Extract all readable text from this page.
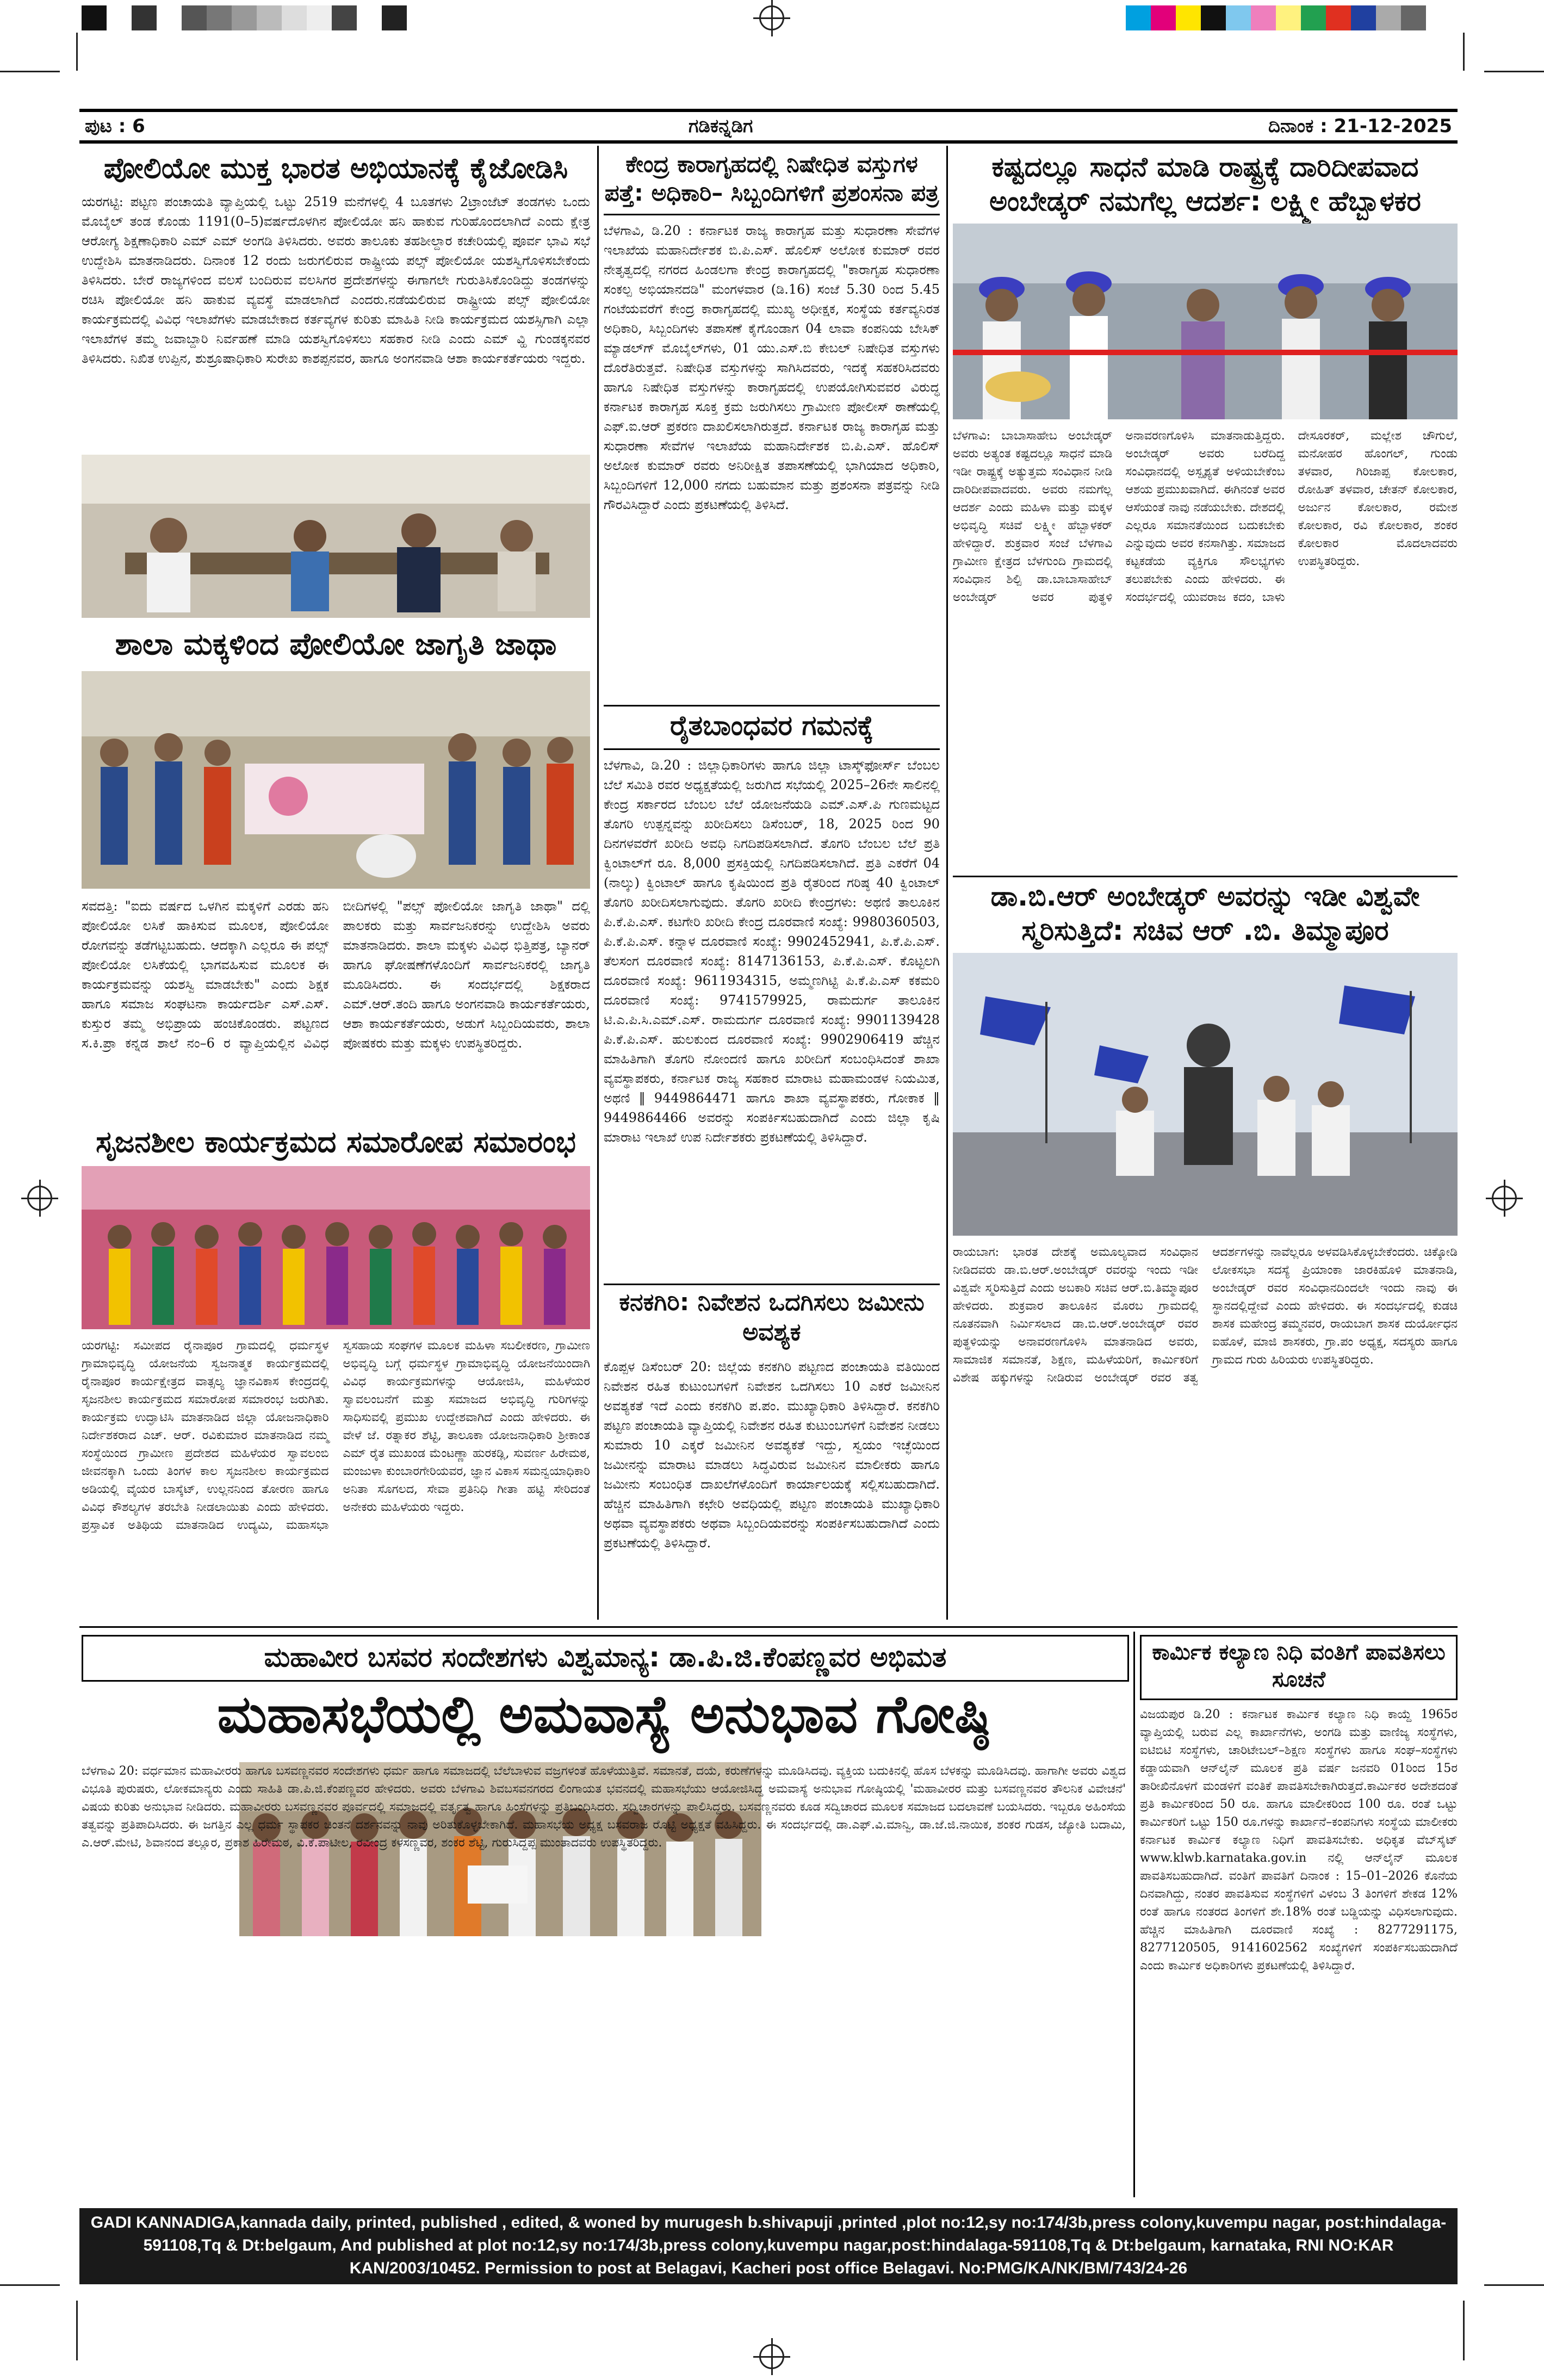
ಪುಟ : 6	ಗಡಿಕನ್ನಡಿಗ	ದಿನಾಂಕ : 21-12-2025
ಪೋಲಿಯೋ ಮುಕ್ತ ಭಾರತ ಅಭಿಯಾನಕ್ಕೆ ಕೈಜೋಡಿಸಿ
ಯರಗಟ್ಟಿ: ಪಟ್ಟಣ ಪಂಚಾಯತಿ ವ್ಯಾಪ್ತಿಯಲ್ಲಿ ಒಟ್ಟು 2519 ಮನೆಗಳಲ್ಲಿ 4 ಬೂತಗಳು 2ಟ್ರಾಂಜೆಟ್ ತಂಡಗಳು ಒಂದು ಮೊಬೈಲ್ ತಂಡ ಕೊಂಡು 1191(0–5)ವರ್ಷದೊಳಗಿನ ಪೋಲಿಯೋ ಹನಿ ಹಾಕುವ ಗುರಿಹೊಂದಲಾಗಿದೆ ಎಂದು ಕ್ಷೇತ್ರ ಆರೋಗ್ಯ ಶಿಕ್ಷಣಾಧಿಕಾರಿ ಎಮ್ ಎಮ್ ಅಂಗಡಿ ತಿಳಿಸಿದರು. ಅವರು ತಾಲೂಕು ತಹಶೀಲ್ದಾರ ಕಚೇರಿಯಲ್ಲಿ ಪೂರ್ವ ಭಾವಿ ಸಭೆ ಉದ್ದೇಶಿಸಿ ಮಾತನಾಡಿದರು. ದಿನಾಂಕ 12 ರಂದು ಜರುಗಲಿರುವ ರಾಷ್ಟ್ರೀಯ ಪಲ್ಸ್ ಪೋಲಿಯೋ ಯಶಸ್ವಿಗೊಳಿಸಬೇಕೆಂದು ತಿಳಿಸಿದರು. ಬೇರೆ ರಾಜ್ಯಗಳಿಂದ ವಲಸೆ ಬಂದಿರುವ ವಲಸಿಗರ ಪ್ರದೇಶಗಳನ್ನು ಈಗಾಗಲೇ ಗುರುತಿಸಿಕೊಂಡಿದ್ದು ತಂಡಗಳನ್ನು ರಚಿಸಿ ಪೋಲಿಯೋ ಹನಿ ಹಾಕುವ ವ್ಯವಸ್ಥೆ ಮಾಡಲಾಗಿದೆ ಎಂದರು.ನಡೆಯಲಿರುವ ರಾಷ್ಟ್ರೀಯ ಪಲ್ಸ್ ಪೋಲಿಯೋ ಕಾರ್ಯಕ್ರಮದಲ್ಲಿ ವಿವಿಧ ಇಲಾಖೆಗಳು ಮಾಡಬೇಕಾದ ಕರ್ತವ್ಯಗಳ ಕುರಿತು ಮಾಹಿತಿ ನೀಡಿ ಕಾರ್ಯಕ್ರಮದ ಯಶಸ್ಸಿಗಾಗಿ ಎಲ್ಲಾ ಇಲಾಖೆಗಳ ತಮ್ಮ ಜವಾಬ್ದಾರಿ ನಿರ್ವಹಣೆ ಮಾಡಿ ಯಶಸ್ವಿಗೊಳಿಸಲು ಸಹಕಾರ ನೀಡಿ ಎಂದು ಎಮ್ ವ್ಹಿ ಗುಂಡಕ್ಕನವರ ತಿಳಿಸಿದರು. ನಿಖಿತ ಉಪ್ಪಿನ, ಶುಶ್ರೂಷಾಧಿಕಾರಿ ಸುರೇಖ ಕಾಶಪ್ಪನವರ, ಹಾಗೂ ಅಂಗನವಾಡಿ ಆಶಾ ಕಾರ್ಯಕರ್ತೆಯರು ಇದ್ದರು.
ಶಾಲಾ ಮಕ್ಕಳಿಂದ ಪೋಲಿಯೋ ಜಾಗೃತಿ ಜಾಥಾ
ಸವದತ್ತಿ: "ಐದು ವರ್ಷದ ಒಳಗಿನ ಮಕ್ಕಳಿಗೆ ಎರಡು ಹನಿ ಪೋಲಿಯೋ ಲಸಿಕೆ ಹಾಕಿಸುವ ಮೂಲಕ, ಪೋಲಿಯೋ ರೋಗವನ್ನು ತಡೆಗಟ್ಟಬಹುದು. ಆದಕ್ಕಾಗಿ ಎಲ್ಲರೂ ಈ ಪಲ್ಸ್ ಪೋಲಿಯೋ ಲಸಿಕೆಯಲ್ಲಿ ಭಾಗವಹಿಸುವ ಮೂಲಕ ಈ ಕಾರ್ಯಕ್ರಮವನ್ನು ಯಶಸ್ವಿ ಮಾಡಬೇಕು" ಎಂದು ಶಿಕ್ಷಕ ಹಾಗೂ ಸಮಾಜ ಸಂಘಟನಾ ಕಾರ್ಯದರ್ಶಿ ಎಸ್.ಎಸ್. ಕುಸ್ತುರ ತಮ್ಮ ಅಭಿಪ್ರಾಯ ಹಂಚಿಕೊಂಡರು. ಪಟ್ಟಣದ ಸ.ಕಿ.ಪ್ರಾ ಕನ್ನಡ ಶಾಲೆ ನಂ–6 ರ ವ್ಯಾಪ್ತಿಯಲ್ಲಿನ ವಿವಿಧ ಬೀದಿಗಳಲ್ಲಿ "ಪಲ್ಸ್ ಪೋಲಿಯೋ ಜಾಗೃತಿ ಜಾಥಾ" ದಲ್ಲಿ ಪಾಲಕರು ಮತ್ತು ಸಾರ್ವಜನಿಕರನ್ನು ಉದ್ದೇಶಿಸಿ ಅವರು ಮಾತನಾಡಿದರು. ಶಾಲಾ ಮಕ್ಕಳು ವಿವಿಧ ಭಿತ್ತಿಪತ್ರ, ಬ್ಯಾನರ್ ಹಾಗೂ ಘೋಷಣೆಗಳೊಂದಿಗೆ ಸಾರ್ವಜನಿಕರಲ್ಲಿ ಜಾಗೃತಿ ಮೂಡಿಸಿದರು. ಈ ಸಂದರ್ಭದಲ್ಲಿ ಶಿಕ್ಷಕರಾದ ಎಮ್.ಆರ್.ತಂದಿ ಹಾಗೂ ಅಂಗನವಾಡಿ ಕಾರ್ಯಕರ್ತೆಯರು, ಆಶಾ ಕಾರ್ಯಕರ್ತೆಯರು, ಅಡುಗೆ ಸಿಬ್ಬಂದಿಯವರು, ಶಾಲಾ ಪೋಷಕರು ಮತ್ತು ಮಕ್ಕಳು ಉಪಸ್ಥಿತರಿದ್ದರು.
ಸೃಜನಶೀಲ ಕಾರ್ಯಕ್ರಮದ ಸಮಾರೋಪ ಸಮಾರಂಭ
ಯರಗಟ್ಟಿ: ಸಮೀಪದ ರೈನಾಪೂರ ಗ್ರಾಮದಲ್ಲಿ ಧರ್ಮಸ್ಥಳ ಗ್ರಾಮಾಭಿವೃದ್ಧಿ ಯೋಜನೆಯ ಸ್ವಜನಾತ್ಮಕ ಕಾರ್ಯಕ್ರಮದಲ್ಲಿ ರೈನಾಪೂರ ಕಾರ್ಯಕ್ಷೇತ್ರದ ವಾತ್ಸಲ್ಯ ಜ್ಞಾನವಿಕಾಸ ಕೇಂದ್ರದಲ್ಲಿ ಸೃಜನಶೀಲ ಕಾರ್ಯಕ್ರಮದ ಸಮಾರೋಪ ಸಮಾರಂಭ ಜರುಗಿತು. ಕಾರ್ಯಕ್ರಮ ಉದ್ಘಾಟಿಸಿ ಮಾತನಾಡಿದ ಜಿಲ್ಲಾ ಯೋಜನಾಧಿಕಾರಿ ನಿರ್ದೇಶಕರಾದ ಎಚ್. ಆರ್. ರವಿಕುಮಾರ ಮಾತನಾಡಿದ ನಮ್ಮ ಸಂಸ್ಥೆಯಿಂದ ಗ್ರಾಮೀಣ ಪ್ರದೇಶದ ಮಹಿಳೆಯರ ಸ್ವಾವಲಂಬಿ ಜೀವನಕ್ಕಾಗಿ ಒಂದು ತಿಂಗಳ ಕಾಲ ಸೃಜನಶೀಲ ಕಾರ್ಯಕ್ರಮದ ಅಡಿಯಲ್ಲಿ ವೈಯರ ಬಾಸ್ಕೆಟ್, ಉಲ್ಲನನಿಂದ ತೋರಣ ಹಾಗೂ ವಿವಿಧ ಕೌಶಲ್ಯಗಳ ತರಬೇತಿ ನೀಡಲಾಯಿತು ಎಂದು ಹೇಳಿದರು. ಪ್ರಸ್ತಾವಿಕ ಅತಿಥಿಯ ಮಾತನಾಡಿದ ಉದ್ಯಮಿ, ಮಹಾಸಭಾ ಸ್ವಸಹಾಯ ಸಂಘಗಳ ಮೂಲಕ ಮಹಿಳಾ ಸಬಲೀಕರಣ, ಗ್ರಾಮೀಣ ಅಭಿವೃದ್ಧಿ ಬಗ್ಗೆ ಧರ್ಮಸ್ಥಳ ಗ್ರಾಮಾಭಿವೃದ್ಧಿ ಯೋಜನೆಯಿಂದಾಗಿ ವಿವಿಧ ಕಾರ್ಯಕ್ರಮಗಳನ್ನು ಆಯೋಜಿಸಿ, ಮಹಿಳೆಯರ ಸ್ವಾವಲಂಬನೆಗೆ ಮತ್ತು ಸಮಾಜದ ಅಭಿವೃದ್ಧಿ ಗುರಿಗಳನ್ನು ಸಾಧಿಸುವಲ್ಲಿ ಪ್ರಮುಖ ಉದ್ದೇಶವಾಗಿದೆ ಎಂದು ಹೇಳಿದರು. ಈ ವೇಳೆ ಜೆ. ರತ್ನಾಕರ ಶೆಟ್ಟಿ, ತಾಲೂಕಾ ಯೋಜನಾಧಿಕಾರಿ ಶ್ರೀಕಾಂತ ಎಮ್ ರೈತ ಮುಖಂಡ ಮೆಂಟಣ್ಣಾ ಹುರಕಡ್ಲಿ, ಸುವರ್ಣ ಹಿರೇಮಠ, ಮಂಜುಳಾ ಕುಂಬಾರಗೇರಿಯವರ, ಜ್ಞಾನ ವಿಕಾಸ ಸಮನ್ವಯಾಧಿಕಾರಿ ಅನಿತಾ ಸೊಗಲದ, ಸೇವಾ ಪ್ರತಿನಿಧಿ ಗೀತಾ ಹಟ್ಟಿ ಸೇರಿದಂತೆ ಅನೇಕರು ಮಹಿಳೆಯರು ಇದ್ದರು.
ಕೇಂದ್ರ ಕಾರಾಗೃಹದಲ್ಲಿ ನಿಷೇಧಿತ ವಸ್ತುಗಳ ಪತ್ತೆ: ಅಧಿಕಾರಿ– ಸಿಬ್ಬಂದಿಗಳಿಗೆ ಪ್ರಶಂಸನಾ ಪತ್ರ
ಬೆಳಗಾವಿ, ಡಿ.20 : ಕರ್ನಾಟಕ ರಾಜ್ಯ ಕಾರಾಗೃಹ ಮತ್ತು ಸುಧಾರಣಾ ಸೇವೆಗಳ ಇಲಾಖೆಯ ಮಹಾನಿರ್ದೇಶಕ ಬಿ.ಪಿ.ಎಸ್. ಹೊಲಿಸ್ ಅಲೋಕ ಕುಮಾರ್ ರವರ ನೇತೃತ್ವದಲ್ಲಿ ನಗರದ ಹಿಂಡಲಗಾ ಕೇಂದ್ರ ಕಾರಾಗೃಹದಲ್ಲಿ "ಕಾರಾಗೃಹ ಸುಧಾರಣಾ ಸಂಕಲ್ಪ ಅಭಿಯಾನದಡಿ" ಮಂಗಳವಾರ (ಡಿ.16) ಸಂಜೆ 5.30 ರಿಂದ 5.45 ಗಂಟೆಯವರೆಗೆ ಕೇಂದ್ರ ಕಾರಾಗೃಹದಲ್ಲಿ ಮುಖ್ಯ ಅಧೀಕ್ಷಕ, ಸಂಸ್ಥೆಯ ಕರ್ತವ್ಯನಿರತ ಅಧಿಕಾರಿ, ಸಿಬ್ಬಂದಿಗಳು ತಪಾಸಣೆ ಕೈಗೊಂಡಾಗ 04 ಲಾವಾ ಕಂಪನಿಯ ಬೇಸಿಕ್ ಮ್ಯಾಡಲ್‌ಗ್ ಮೊಬೈಲ್‌ಗಳು, 01 ಯು.ಎಸ್.ಬಿ ಕೇಬಲ್ ನಿಷೇಧಿತ ವಸ್ತುಗಳು ದೊರೆತಿರುತ್ತವೆ. ನಿಷೇಧಿತ ವಸ್ತುಗಳನ್ನು ಸಾಗಿಸಿದವರು, ಇದಕ್ಕೆ ಸಹಕರಿಸಿದವರು ಹಾಗೂ ನಿಷೇಧಿತ ವಸ್ತುಗಳನ್ನು ಕಾರಾಗೃಹದಲ್ಲಿ ಉಪಯೋಗಿಸುವವರ ವಿರುದ್ಧ ಕರ್ನಾಟಕ ಕಾರಾಗೃಹ ಸೂಕ್ತ ಕ್ರಮ ಜರುಗಿಸಲು ಗ್ರಾಮೀಣ ಪೋಲೀಸ್ ಠಾಣೆಯಲ್ಲಿ ಎಫ್.ಐ.ಆರ್ ಪ್ರಕರಣ ದಾಖಲಿಸಲಾಗಿರುತ್ತದೆ. ಕರ್ನಾಟಕ ರಾಜ್ಯ ಕಾರಾಗೃಹ ಮತ್ತು ಸುಧಾರಣಾ ಸೇವೆಗಳ ಇಲಾಖೆಯ ಮಹಾನಿರ್ದೇಶಕ ಬಿ.ಪಿ.ಎಸ್. ಹೊಲಿಸ್ ಅಲೋಕ ಕುಮಾರ್ ರವರು ಅನಿರೀಕ್ಷಿತ ತಪಾಸಣೆಯಲ್ಲಿ ಭಾಗಿಯಾದ ಅಧಿಕಾರಿ, ಸಿಬ್ಬಂದಿಗಳಿಗೆ 12,000 ನಗದು ಬಹುಮಾನ ಮತ್ತು ಪ್ರಶಂಸನಾ ಪತ್ರವನ್ನು ನೀಡಿ ಗೌರವಿಸಿದ್ದಾರೆ ಎಂದು ಪ್ರಕಟಣೆಯಲ್ಲಿ ತಿಳಿಸಿದೆ.
ರೈತಬಾಂಧವರ ಗಮನಕ್ಕೆ
ಬೆಳಗಾವಿ, ಡಿ.20 : ಜಿಲ್ಲಾಧಿಕಾರಿಗಳು ಹಾಗೂ ಜಿಲ್ಲಾ ಟಾಸ್ಕ್‌ಫೋರ್ಸ್ ಬೆಂಬಲ ಬೆಲೆ ಸಮಿತಿ ರವರ ಅಧ್ಯಕ್ಷತೆಯಲ್ಲಿ ಜರುಗಿದ ಸಭೆಯಲ್ಲಿ 2025–26ನೇ ಸಾಲಿನಲ್ಲಿ ಕೇಂದ್ರ ಸರ್ಕಾರದ ಬೆಂಬಲ ಬೆಲೆ ಯೋಜನೆಯಡಿ ಎಮ್.ಎಸ್.ಪಿ ಗುಣಮಟ್ಟದ ತೊಗರಿ ಉತ್ಪನ್ನವನ್ನು ಖರೀದಿಸಲು ಡಿಸೆಂಬರ್, 18, 2025 ರಿಂದ 90 ದಿನಗಳವರೆಗೆ ಖರೀದಿ ಅವಧಿ ನಿಗದಿಪಡಿಸಲಾಗಿದೆ. ತೊಗರಿ ಬೆಂಬಲ ಬೆಲೆ ಪ್ರತಿ ಕ್ವಿಂಟಾಲ್‌ಗೆ ರೂ. 8,000 ಪ್ರಸಕ್ತಿಯಲ್ಲಿ ನಿಗದಿಪಡಿಸಲಾಗಿದೆ. ಪ್ರತಿ ಎಕರೆಗೆ 04 (ನಾಲ್ಕು) ಕ್ವಿಂಟಾಲ್ ಹಾಗೂ ಕೃಷಿಯಿಂದ ಪ್ರತಿ ರೈತರಿಂದ ಗರಿಷ್ಠ 40 ಕ್ವಿಂಟಾಲ್ ತೊಗರಿ ಖರೀದಿಸಲಾಗುವುದು. ತೊಗರಿ ಖರೀದಿ ಕೇಂದ್ರಗಳು: ಅಥಣಿ ತಾಲೂಕಿನ ಪಿ.ಕೆ.ಪಿ.ಎಸ್. ಕಟಗೇರಿ ಖರೀದಿ ಕೇಂದ್ರ ದೂರವಾಣಿ ಸಂಖ್ಯೆ: 9980360503, ಪಿ.ಕೆ.ಪಿ.ಎಸ್. ಕನ್ನಾಳ ದೂರವಾಣಿ ಸಂಖ್ಯೆ: 9902452941, ಪಿ.ಕೆ.ಪಿ.ಎಸ್. ತೆಲಸಂಗ ದೂರವಾಣಿ ಸಂಖ್ಯೆ: 8147136153, ಪಿ.ಕೆ.ಪಿ.ಎಸ್. ಕೊಟ್ಟಲಗಿ ದೂರವಾಣಿ ಸಂಖ್ಯೆ: 9611934315, ಅಮ್ಮಣಗಿಟ್ಟಿ ಪಿ.ಕೆ.ಪಿ.ಎಸ್ ಕಕಮರಿ ದೂರವಾಣಿ ಸಂಖ್ಯೆ: 9741579925, ರಾಮದುರ್ಗ ತಾಲೂಕಿನ ಟಿ.ಎ.ಪಿ.ಸಿ.ಎಮ್.ಎಸ್. ರಾಮದುರ್ಗ ದೂರವಾಣಿ ಸಂಖ್ಯೆ: 9901139428 ಪಿ.ಕೆ.ಪಿ.ಎಸ್. ಹುಲಕುಂದ ದೂರವಾಣಿ ಸಂಖ್ಯೆ: 9902906419 ಹೆಚ್ಚಿನ ಮಾಹಿತಿಗಾಗಿ ತೊಗರಿ ನೋಂದಣಿ ಹಾಗೂ ಖರೀದಿಗೆ ಸಂಬಂಧಿಸಿದಂತೆ ಶಾಖಾ ವ್ಯವಸ್ಥಾಪಕರು, ಕರ್ನಾಟಕ ರಾಜ್ಯ ಸಹಕಾರ ಮಾರಾಟ ಮಹಾಮಂಡಳ ನಿಯಮಿತ, ಅಥಣಿ ‖ 9449864471 ಹಾಗೂ ಶಾಖಾ ವ್ಯವಸ್ಥಾಪಕರು, ಗೋಕಾಕ ‖ 9449864466 ಅವರನ್ನು ಸಂಪರ್ಕಿಸಬಹುದಾಗಿದೆ ಎಂದು ಜಿಲ್ಲಾ ಕೃಷಿ ಮಾರಾಟ ಇಲಾಖೆ ಉಪ ನಿರ್ದೇಶಕರು ಪ್ರಕಟಣೆಯಲ್ಲಿ ತಿಳಿಸಿದ್ದಾರೆ.
ಕನಕಗಿರಿ: ನಿವೇಶನ ಒದಗಿಸಲು ಜಮೀನು ಅವಶ್ಯಕ
ಕೊಪ್ಪಳ ಡಿಸೆಂಬರ್ 20: ಜಿಲ್ಲೆಯ ಕನಕಗಿರಿ ಪಟ್ಟಣದ ಪಂಚಾಯತಿ ವತಿಯಿಂದ ನಿವೇಶನ ರಹಿತ ಕುಟುಂಬಗಳಿಗೆ ನಿವೇಶನ ಒದಗಿಸಲು 10 ಎಕರೆ ಜಮೀನಿನ ಅವಶ್ಯಕತೆ ಇದೆ ಎಂದು ಕನಕಗಿರಿ ಪ.ಪಂ. ಮುಖ್ಯಾಧಿಕಾರಿ ತಿಳಿಸಿದ್ದಾರೆ. ಕನಕಗಿರಿ ಪಟ್ಟಣ ಪಂಚಾಯತಿ ವ್ಯಾಪ್ತಿಯಲ್ಲಿ ನಿವೇಶನ ರಹಿತ ಕುಟುಂಬಗಳಿಗೆ ನಿವೇಶನ ನೀಡಲು ಸುಮಾರು 10 ಎಕ್ಕರೆ ಜಮೀನಿನ ಅವಶ್ಯಕತೆ ಇದ್ದು, ಸ್ವಯಂ ಇಚ್ಛೆಯಿಂದ ಜಮೀನನ್ನು ಮಾರಾಟ ಮಾಡಲು ಸಿದ್ಧವಿರುವ ಜಮೀನಿನ ಮಾಲೀಕರು ಹಾಗೂ ಜಮೀನು ಸಂಬಂಧಿತ ದಾಖಲೆಗಳೊಂದಿಗೆ ಕಾರ್ಯಾಲಯಕ್ಕೆ ಸಲ್ಲಿಸಬಹುದಾಗಿದೆ. ಹೆಚ್ಚಿನ ಮಾಹಿತಿಗಾಗಿ ಕಛೇರಿ ಅವಧಿಯಲ್ಲಿ ಪಟ್ಟಣ ಪಂಚಾಯತಿ ಮುಖ್ಯಾಧಿಕಾರಿ ಅಥವಾ ವ್ಯವಸ್ಥಾಪಕರು ಅಥವಾ ಸಿಬ್ಬಂದಿಯವರನ್ನು ಸಂಪರ್ಕಿಸಬಹುದಾಗಿದೆ ಎಂದು ಪ್ರಕಟಣೆಯಲ್ಲಿ ತಿಳಿಸಿದ್ದಾರೆ.
ಕಷ್ಟದಲ್ಲೂ ಸಾಧನೆ ಮಾಡಿ ರಾಷ್ಟ್ರಕ್ಕೆ ದಾರಿದೀಪವಾದ ಅಂಬೇಡ್ಕರ್ ನಮಗೆಲ್ಲ ಆದರ್ಶ: ಲಕ್ಷ್ಮೀ ಹೆಬ್ಬಾಳಕರ
ಬೆಳಗಾವಿ: ಬಾಬಾಸಾಹೇಬ ಅಂಬೇಡ್ಕರ್ ಅವರು ಅತ್ಯಂತ ಕಷ್ಟದಲ್ಲೂ ಸಾಧನೆ ಮಾಡಿ ಇಡೀ ರಾಷ್ಟ್ರಕ್ಕೆ ಅತ್ಯುತ್ತಮ ಸಂವಿಧಾನ ನೀಡಿ ದಾರಿದೀಪವಾದವರು. ಅವರು ನಮಗೆಲ್ಲ ಆದರ್ಶ ಎಂದು ಮಹಿಳಾ ಮತ್ತು ಮಕ್ಕಳ ಅಭಿವೃದ್ಧಿ ಸಚಿವೆ ಲಕ್ಷ್ಮೀ ಹೆಬ್ಬಾಳಕರ್ ಹೇಳಿದ್ದಾರೆ. ಶುಕ್ರವಾರ ಸಂಜೆ ಬೆಳಗಾವಿ ಗ್ರಾಮೀಣ ಕ್ಷೇತ್ರದ ಬೆಳಗುಂದಿ ಗ್ರಾಮದಲ್ಲಿ ಸಂವಿಧಾನ ಶಿಲ್ಪಿ ಡಾ.ಬಾಬಾಸಾಹೇಬ್ ಅಂಬೇಡ್ಕರ್ ಅವರ ಪುತ್ಥಳಿ ಅನಾವರಣಗೊಳಿಸಿ ಮಾತನಾಡುತ್ತಿದ್ದರು. ಅಂಬೇಡ್ಕರ್ ಅವರು ಬರೆದಿದ್ದ ಸಂವಿಧಾನದಲ್ಲಿ ಅಸ್ಪೃಶ್ಯತೆ ಅಳಿಯಬೇಕೆಂಬ ಆಶಯ ಪ್ರಮುಖವಾಗಿದೆ. ಈಗಿನಂತೆ ಅವರ ಆಸೆಯಂತೆ ನಾವು ನಡೆಯಬೇಕು. ದೇಶದಲ್ಲಿ ಎಲ್ಲರೂ ಸಮಾನತೆಯಿಂದ ಬದುಕಬೇಕು ಎನ್ನುವುದು ಅವರ ಕನಸಾಗಿತ್ತು. ಸಮಾಜದ ಕಟ್ಟಕಡೆಯ ವ್ಯಕ್ತಿಗೂ ಸೌಲಭ್ಯಗಳು ತಲುಪಬೇಕು ಎಂದು ಹೇಳಿದರು. ಈ ಸಂದರ್ಭದಲ್ಲಿ ಯುವರಾಜ ಕದಂ, ಬಾಳು ದೇಸೂರಕರ್, ಮಲ್ಲೇಶ ಚೌಗುಲೆ, ಮನೋಹರ ಹೊಂಗಲ್, ಗುಂಡು ತಳವಾರ, ಗಿರಿಜಾಪ್ಪ ಕೋಲಕಾರ, ರೋಹಿತ್ ತಳವಾರ, ಚೇತನ್ ಕೋಲಕಾರ, ಅರ್ಜುನ ಕೋಲಕಾರ, ರಮೇಶ ಕೋಲಕಾರ, ರವಿ ಕೋಲಕಾರ, ಶಂಕರ ಕೋಲಕಾರ ಮೊದಲಾದವರು ಉಪಸ್ಥಿತರಿದ್ದರು.
ಡಾ.ಬಿ.ಆರ್ ಅಂಬೇಡ್ಕರ್ ಅವರನ್ನು ಇಡೀ ವಿಶ್ವವೇ ಸ್ಮರಿಸುತ್ತಿದೆ: ಸಚಿವ ಆರ್ .ಬಿ. ತಿಮ್ಮಾಪೂರ
ರಾಯಬಾಗ: ಭಾರತ ದೇಶಕ್ಕೆ ಅಮೂಲ್ಯವಾದ ಸಂವಿಧಾನ ನೀಡಿದವರು ಡಾ.ಬಿ.ಆರ್.ಅಂಬೇಡ್ಕರ್ ರವರನ್ನು ಇಂದು ಇಡೀ ವಿಶ್ವವೇ ಸ್ಮರಿಸುತ್ತಿದೆ ಎಂದು ಅಬಕಾರಿ ಸಚಿವ ಆರ್.ಬಿ.ತಿಮ್ಮಾಪೂರ ಹೇಳಿದರು. ಶುಕ್ರವಾರ ತಾಲೂಕಿನ ಮೊರಬ ಗ್ರಾಮದಲ್ಲಿ ನೂತನವಾಗಿ ನಿರ್ಮಿಸಲಾದ ಡಾ.ಬಿ.ಆರ್.ಅಂಬೇಡ್ಕರ್ ರವರ ಪುತ್ಥಳಿಯನ್ನು ಅನಾವರಣಗೊಳಿಸಿ ಮಾತನಾಡಿದ ಅವರು, ಸಾಮಾಜಿಕ ಸಮಾನತೆ, ಶಿಕ್ಷಣ, ಮಹಿಳೆಯರಿಗೆ, ಕಾರ್ಮಿಕರಿಗೆ ವಿಶೇಷ ಹಕ್ಕುಗಳನ್ನು ನೀಡಿರುವ ಅಂಬೇಡ್ಕರ್ ರವರ ತತ್ವ ಆದರ್ಶಗಳನ್ನು ನಾವೆಲ್ಲರೂ ಅಳವಡಿಸಿಕೊಳ್ಳಬೇಕೆಂದರು. ಚಿಕ್ಕೋಡಿ ಲೋಕಸಭಾ ಸದಸ್ಯೆ ಪ್ರಿಯಾಂಕಾ ಜಾರಕಿಹೊಳಿ ಮಾತನಾಡಿ, ಅಂಬೇಡ್ಕರ್ ರವರ ಸಂವಿಧಾನದಿಂದಲೇ ಇಂದು ನಾವು ಈ ಸ್ಥಾನದಲ್ಲಿದ್ದೇವೆ ಎಂದು ಹೇಳಿದರು. ಈ ಸಂದರ್ಭದಲ್ಲಿ ಕುಡಚಿ ಶಾಸಕ ಮಹೇಂದ್ರ ತಮ್ಮನವರ, ರಾಯಬಾಗ ಶಾಸಕ ದುರ್ಯೋಧನ ಐಹೊಳೆ, ಮಾಜಿ ಶಾಸಕರು, ಗ್ರಾ.ಪಂ ಅಧ್ಯಕ್ಷ, ಸದಸ್ಯರು ಹಾಗೂ ಗ್ರಾಮದ ಗುರು ಹಿರಿಯರು ಉಪಸ್ಥಿತರಿದ್ದರು.
ಮಹಾವೀರ ಬಸವರ ಸಂದೇಶಗಳು ವಿಶ್ವಮಾನ್ಯ: ಡಾ.ಪಿ.ಜಿ.ಕೆಂಪಣ್ಣವರ ಅಭಿಮತ
ಮಹಾಸಭೆಯಲ್ಲಿ ಅಮವಾಸ್ಯೆ ಅನುಭಾವ ಗೋಷ್ಠಿ
ಬೆಳಗಾವಿ 20: ವರ್ಧಮಾನ ಮಹಾವೀರರು ಹಾಗೂ ಬಸವಣ್ಣನವರ ಸಂದೇಶಗಳು ಧರ್ಮ ಹಾಗೂ ಸಮಾಜದಲ್ಲಿ ಬೆಲೆಬಾಳುವ ವಜ್ರಗಳಂತೆ ಹೊಳೆಯುತ್ತಿವೆ. ಸಮಾನತೆ, ದಯೆ, ಕರುಣೆಗಳನ್ನು ಮೂಡಿಸಿದವು. ವ್ಯಕ್ತಿಯ ಬದುಕಿನಲ್ಲಿ ಹೊಸ ಬೆಳಕನ್ನು ಮೂಡಿಸಿದವು. ಹಾಗಾಗೀ ಅವರು ವಿಶ್ವದ ವಿಭೂತಿ ಪುರುಷರು, ಲೋಕಮಾನ್ಯರು ಎಂದು ಸಾಹಿತಿ ಡಾ.ಪಿ.ಜಿ.ಕೆಂಪಣ್ಣವರ ಹೇಳಿದರು. ಅವರು ಬೆಳಗಾವಿ ಶಿವಬಸವನಗರದ ಲಿಂಗಾಯತ ಭವನದಲ್ಲಿ ಮಹಾಸಭೆಯು ಆಯೋಜಿಸಿದ್ದ ಅಮವಾಸ್ಯೆ ಅನುಭಾವ ಗೋಷ್ಠಿಯಲ್ಲಿ 'ಮಹಾವೀರರ ಮತ್ತು ಬಸವಣ್ಣನವರ ತೌಲನಿಕ ವಿವೇಚನೆ' ವಿಷಯ ಕುರಿತು ಅನುಭಾವ ನೀಡಿದರು. ಮಹಾವೀರರು ಬಸವಣ್ಣನವರ ಪೂರ್ವದಲ್ಲಿ ಸಮಾಜದಲ್ಲಿ ವರ್ತೃತ್ವ ಹಾಗೂ ಹಿಂಸೆಗಳನ್ನು ಪ್ರತಿಬಂಧಿಸಿದರು. ಸದ್ವಿಚಾರಗಳನ್ನು ಪಾಲಿಸಿದ್ದರು. ಬಸವಣ್ಣನವರು ಕೂಡ ಸದ್ವಿಚಾರದ ಮೂಲಕ ಸಮಾಜದ ಬದಲಾವಣೆ ಬಯಸಿದರು. ಇಬ್ಬರೂ ಅಹಿಂಸೆಯ ತತ್ವವನ್ನು ಪ್ರತಿಪಾದಿಸಿದರು. ಈ ಜಗತ್ತಿನ ಎಲ್ಲ ಧರ್ಮ ಸ್ಥಾಪಕರ ಚಿಂತನೆ ದರ್ಶನವನ್ನು ನಾವು ಅರಿತುಕೊಳ್ಳಬೇಕಾಗಿದೆ. ಮಹಾಸಭೆಯ ಅಧ್ಯಕ್ಷ ಬಸವರಾಜ ರೊಟ್ಟಿ ಅಧ್ಯಕ್ಷತೆ ವಹಿಸಿದ್ದರು. ಈ ಸಂದರ್ಭದಲ್ಲಿ ಡಾ.ಎಫ್.ವಿ.ಮಾನ್ವಿ, ಡಾ.ಜೆ.ಜಿ.ನಾಯಿಕ, ಶಂಕರ ಗುಡಸ, ಜ್ಯೋತಿ ಬದಾಮಿ, ಎ.ಆರ್.ಮೇಟಿ, ಶಿವಾನಂದ ತಲ್ಲೂರ, ಪ್ರಕಾಶ ಹಿರೇಮಠ, ವಿ.ಕೆ.ಪಾಟೀಲ, ರವೀಂದ್ರ ಕಳಸಣ್ಣವರ, ಶಂಕರ ಶೆಟ್ಟಿ, ಗುರುಸಿದ್ದಪ್ಪ ಮುಂತಾದವರು ಉಪಸ್ಥಿತರಿದ್ದರು.
ಕಾರ್ಮಿಕ ಕಲ್ಯಾಣ ನಿಧಿ ವಂತಿಗೆ ಪಾವತಿಸಲು ಸೂಚನೆ
ವಿಜಯಪುರ ಡಿ.20 : ಕರ್ನಾಟಕ ಕಾರ್ಮಿಕ ಕಲ್ಯಾಣ ನಿಧಿ ಕಾಯ್ದೆ 1965ರ ವ್ಯಾಪ್ತಿಯಲ್ಲಿ ಬರುವ ಎಲ್ಲ ಕಾರ್ಖಾನೆಗಳು, ಅಂಗಡಿ ಮತ್ತು ವಾಣಿಜ್ಯ ಸಂಸ್ಥೆಗಳು, ಐಟಿಬಿಟಿ ಸಂಸ್ಥೆಗಳು, ಚಾರಿಟೇಬಲ್–ಶಿಕ್ಷಣ ಸಂಸ್ಥೆಗಳು ಹಾಗೂ ಸಂಘ–ಸಂಸ್ಥೆಗಳು ಕಡ್ಡಾಯವಾಗಿ ಆನ್‌ಲೈನ್ ಮೂಲಕ ಪ್ರತಿ ವರ್ಷ ಜನವರಿ 01ರಿಂದ 15ರ ತಾರೀಖಿನೊಳಗೆ ಮಂಡಳಿಗೆ ವಂತಿಕೆ ಪಾವತಿಸಬೇಕಾಗಿರುತ್ತದೆ.ಕಾರ್ಮಿಕರ ಅದೇಶದಂತೆ ಪ್ರತಿ ಕಾರ್ಮಿಕರಿಂದ 50 ರೂ. ಹಾಗೂ ಮಾಲೀಕರಿಂದ 100 ರೂ. ರಂತೆ ಒಟ್ಟು ಕಾರ್ಮಿಕರಿಗೆ ಒಟ್ಟು 150 ರೂ.ಗಳನ್ನು ಕಾರ್ಖಾನೆ–ಕಂಪನಿಗಳು ಸಂಸ್ಥೆಯ ಮಾಲೀಕರು ಕರ್ನಾಟಕ ಕಾರ್ಮಿಕ ಕಲ್ಯಾಣ ನಿಧಿಗೆ ಪಾವತಿಸಬೇಕು. ಅಧಿಕೃತ ವೆಬ್‌ಸೈಟ್ www.klwb.karnataka.gov.in ನಲ್ಲಿ ಆನ್‌ಲೈನ್ ಮೂಲಕ ಪಾವತಿಸಬಹುದಾಗಿದೆ. ವಂತಿಗೆ ಪಾವತಿಗೆ ದಿನಾಂಕ : 15–01–2026 ಕೊನೆಯ ದಿನವಾಗಿದ್ದು, ನಂತರ ಪಾವತಿಸುವ ಸಂಸ್ಥೆಗಳಿಗೆ ವಿಳಂಬ 3 ತಿಂಗಳಿಗೆ ಶೇಕಡ 12% ರಂತೆ ಹಾಗೂ ನಂತರದ ತಿಂಗಳಿಗೆ ಶೇ.18% ರಂತೆ ಬಡ್ಡಿಯನ್ನು ವಿಧಿಸಲಾಗುವುದು. ಹೆಚ್ಚಿನ ಮಾಹಿತಿಗಾಗಿ ದೂರವಾಣಿ ಸಂಖ್ಯೆ : 8277291175, 8277120505, 9141602562 ಸಂಖ್ಯೆಗಳಿಗೆ ಸಂಪರ್ಕಿಸಬಹುದಾಗಿದೆ ಎಂದು ಕಾರ್ಮಿಕ ಅಧಿಕಾರಿಗಳು ಪ್ರಕಟಣೆಯಲ್ಲಿ ತಿಳಿಸಿದ್ದಾರೆ.
GADI KANNADIGA,kannada daily, printed, published , edited, & woned by murugesh b.shivapuji ,printed ,plot no:12,sy no:174/3b,press colony,kuvempu nagar, post:hindalaga-591108,Tq & Dt:belgaum, And published at plot no:12,sy no:174/3b,press colony,kuvempu nagar,post:hindalaga-591108,Tq & Dt:belgaum, karnataka, RNI NO:KAR KAN/2003/10452. Permission to post at Belagavi, Kacheri post office Belagavi. No:PMG/KA/NK/BM/743/24-26
